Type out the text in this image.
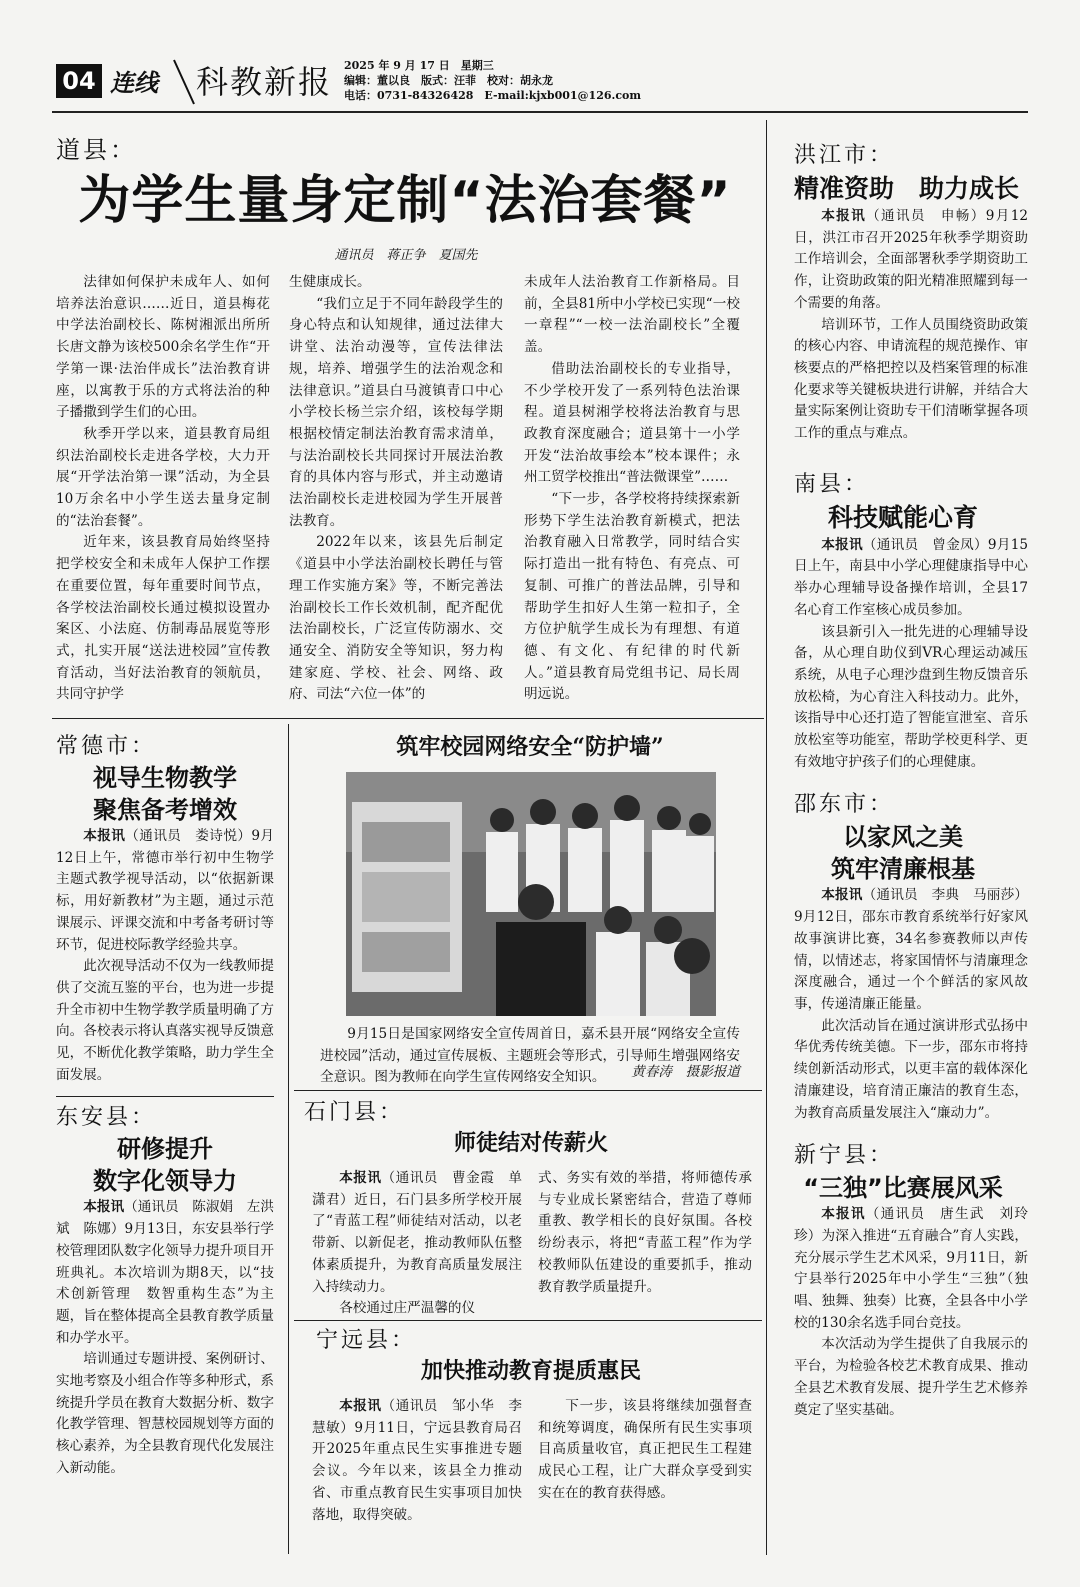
04 连线 科教新报 2025 年 9 月 17 日　星期三
编辑：董以良　版式：汪菲　校对：胡永龙
电话：0731-84326428　E-mail:kjxb001@126.com
道县：
为学生量身定制“法治套餐”
通讯员　蒋正争　夏国先

法律如何保护未成年人、如何培养法治意识……近日，道县梅花中学法治副校长、陈树湘派出所所长唐文静为该校500余名学生作“开学第一课·法治伴成长”法治教育讲座，以寓教于乐的方式将法治的种子播撒到学生们的心田。

秋季开学以来，道县教育局组织法治副校长走进各学校，大力开展“开学法治第一课”活动，为全县10万余名中小学生送去量身定制的“法治套餐”。

近年来，该县教育局始终坚持把学校安全和未成年人保护工作摆在重要位置，每年重要时间节点，各学校法治副校长通过模拟设置办案区、小法庭、仿制毒品展览等形式，扎实开展“送法进校园”宣传教育活动，当好法治教育的领航员，共同守护学

生健康成长。

“我们立足于不同年龄段学生的身心特点和认知规律，通过法律大讲堂、法治动漫等，宣传法律法规，培养、增强学生的法治观念和法律意识。”道县白马渡镇青口中心小学校长杨兰宗介绍，该校每学期根据校情定制法治教育需求清单，与法治副校长共同探讨开展法治教育的具体内容与形式，并主动邀请法治副校长走进校园为学生开展普法教育。

2022年以来，该县先后制定《道县中小学法治副校长聘任与管理工作实施方案》等，不断完善法治副校长工作长效机制，配齐配优法治副校长，广泛宣传防溺水、交通安全、消防安全等知识，努力构建家庭、学校、社会、网络、政府、司法“六位一体”的

未成年人法治教育工作新格局。目前，全县81所中小学校已实现“一校一章程”“一校一法治副校长”全覆盖。

借助法治副校长的专业指导，不少学校开发了一系列特色法治课程。道县树湘学校将法治教育与思政教育深度融合；道县第十一小学开发“法治故事绘本”校本课件；永州工贸学校推出“普法微课堂”……

“下一步，各学校将持续探索新形势下学生法治教育新模式，把法治教育融入日常教学，同时结合实际打造出一批有特色、有亮点、可复制、可推广的普法品牌，引导和帮助学生扣好人生第一粒扣子，全方位护航学生成长为有理想、有道德、有文化、有纪律的时代新人。”道县教育局党组书记、局长周明远说。

洪江市：
精准资助　助力成长

本报讯（通讯员　申畅）9月12日，洪江市召开2025年秋季学期资助工作培训会，全面部署秋季学期资助工作，让资助政策的阳光精准照耀到每一个需要的角落。

培训环节，工作人员围绕资助政策的核心内容、申请流程的规范操作、审核要点的严格把控以及档案管理的标准化要求等关键板块进行讲解，并结合大量实际案例让资助专干们清晰掌握各项工作的重点与难点。

南县：
科技赋能心育

本报讯（通讯员　曾金凤）9月15日上午，南县中小学心理健康指导中心举办心理辅导设备操作培训，全县17名心育工作室核心成员参加。

该县新引入一批先进的心理辅导设备，从心理自助仪到VR心理运动减压系统，从电子心理沙盘到生物反馈音乐放松椅，为心育注入科技动力。此外，该指导中心还打造了智能宣泄室、音乐放松室等功能室，帮助学校更科学、更有效地守护孩子们的心理健康。

邵东市：
以家风之美
筑牢清廉根基

本报讯（通讯员　李典　马丽莎）9月12日，邵东市教育系统举行好家风故事演讲比赛，34名参赛教师以声传情，以情述志，将家国情怀与清廉理念深度融合，通过一个个鲜活的家风故事，传递清廉正能量。

此次活动旨在通过演讲形式弘扬中华优秀传统美德。下一步，邵东市将持续创新活动形式，以更丰富的载体深化清廉建设，培育清正廉洁的教育生态，为教育高质量发展注入“廉动力”。

新宁县：
“三独”比赛展风采

本报讯（通讯员　唐生武　刘玲珍）为深入推进“五育融合”育人实践，充分展示学生艺术风采，9月11日，新宁县举行2025年中小学生“三独”（独唱、独舞、独奏）比赛，全县各中小学校的130余名选手同台竞技。

本次活动为学生提供了自我展示的平台，为检验各校艺术教育成果、推动全县艺术教育发展、提升学生艺术修养奠定了坚实基础。

常德市：
视导生物教学
聚焦备考增效

本报讯（通讯员　娄诗悦）9月12日上午，常德市举行初中生物学主题式教学视导活动，以“依据新课标，用好新教材”为主题，通过示范课展示、评课交流和中考备考研讨等环节，促进校际教学经验共享。

此次视导活动不仅为一线教师提供了交流互鉴的平台，也为进一步提升全市初中生物学教学质量明确了方向。各校表示将认真落实视导反馈意见，不断优化教学策略，助力学生全面发展。

东安县：
研修提升
数字化领导力

本报讯（通讯员　陈淑娟　左洪斌　陈娜）9月13日，东安县举行学校管理团队数字化领导力提升项目开班典礼。本次培训为期8天，以“技术创新管理　数智重构生态”为主题，旨在整体提高全县教育教学质量和办学水平。

培训通过专题讲授、案例研讨、实地考察及小组合作等多种形式，系统提升学员在教育大数据分析、数字化教学管理、智慧校园规划等方面的核心素养，为全县教育现代化发展注入新动能。

筑牢校园网络安全“防护墙”
9月15日是国家网络安全宣传周首日，嘉禾县开展“网络安全宣传进校园”活动，通过宣传展板、主题班会等形式，引导师生增强网络安全意识。图为教师在向学生宣传网络安全知识。	黄春涛　摄影报道
石门县：
师徒结对传薪火

本报讯（通讯员　曹金霞　单潇君）近日，石门县多所学校开展了“青蓝工程”师徒结对活动，以老带新、以新促老，推动教师队伍整体素质提升，为教育高质量发展注入持续动力。

各校通过庄严温馨的仪

式、务实有效的举措，将师德传承与专业成长紧密结合，营造了尊师重教、教学相长的良好氛围。各校纷纷表示，将把“青蓝工程”作为学校教师队伍建设的重要抓手，推动教育教学质量提升。

宁远县：
加快推动教育提质惠民

本报讯（通讯员　邹小华　李慧敏）9月11日，宁远县教育局召开2025年重点民生实事推进专题会议。今年以来，该县全力推动省、市重点教育民生实事项目加快落地，取得突破。

下一步，该县将继续加强督查和统筹调度，确保所有民生实事项目高质量收官，真正把民生工程建成民心工程，让广大群众享受到实实在在的教育获得感。
